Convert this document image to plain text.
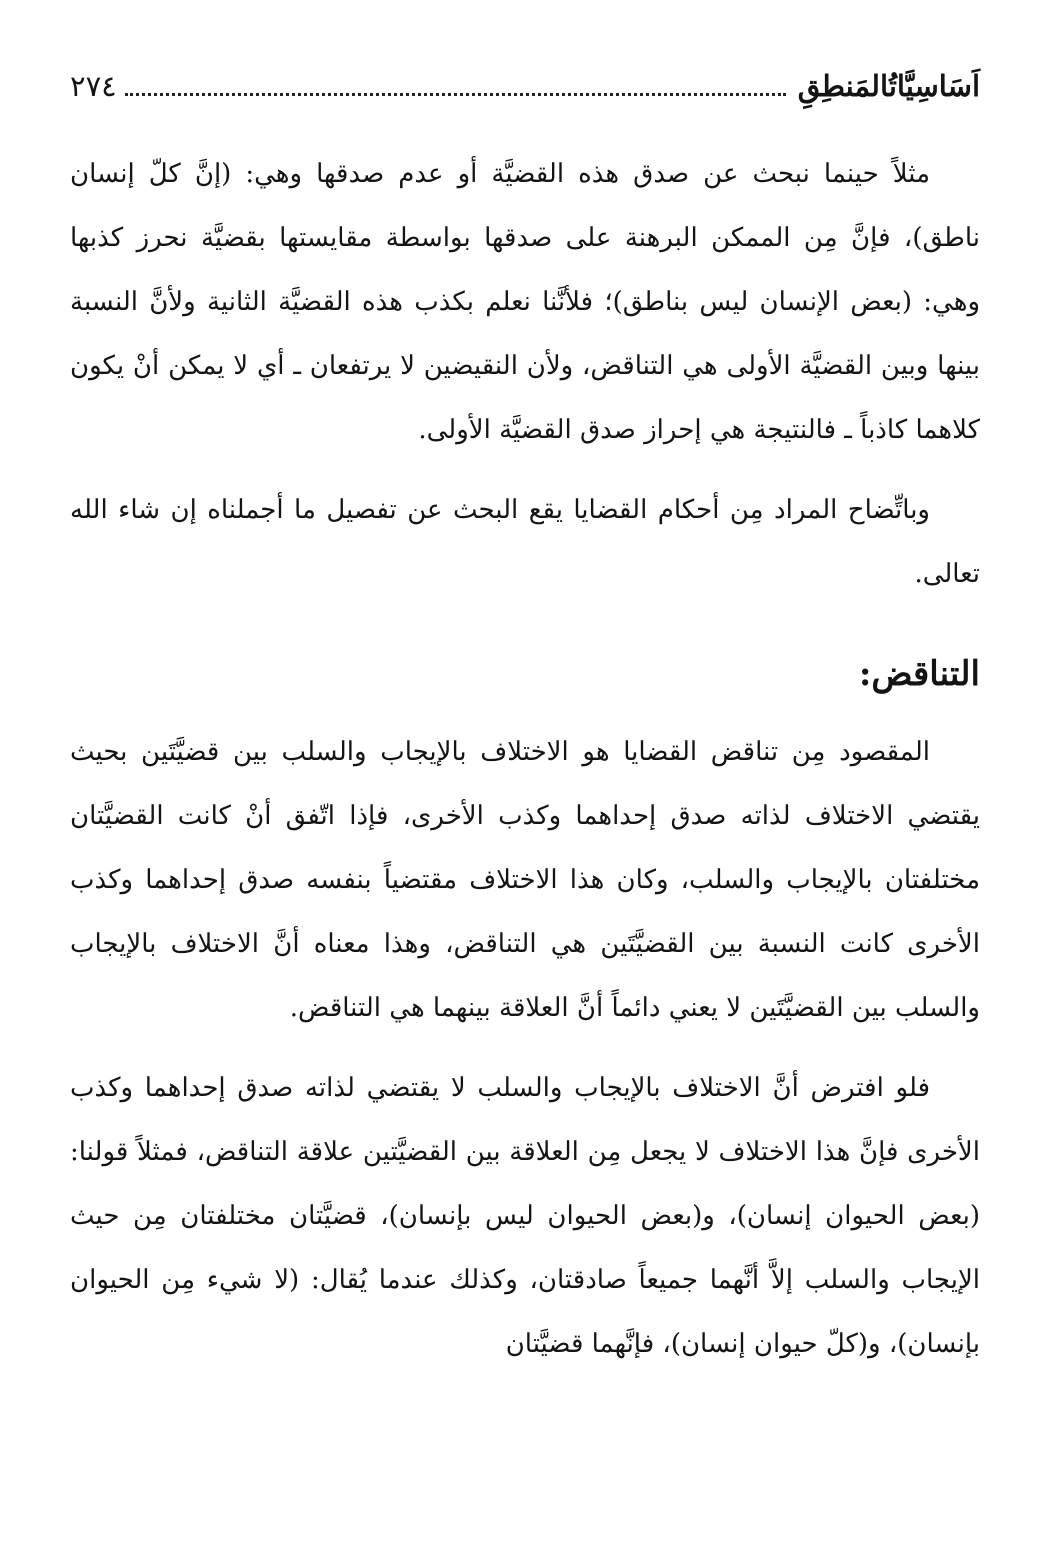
اَسَاسِيَّاتُالمَنطِقِ
٢٧٤

مثلاً حينما نبحث عن صدق هذه القضيَّة أو عدم صدقها وهي: (إنَّ كلّ إنسان ناطق)، فإنَّ مِن الممكن البرهنة على صدقها بواسطة مقايستها بقضيَّة نحرز كذبها وهي: (بعض الإنسان ليس بناطق)؛ فلأنَّنا نعلم بكذب هذه القضيَّة الثانية ولأنَّ النسبة بينها وبين القضيَّة الأولى هي التناقض، ولأن النقيضين لا يرتفعان ـ أي لا يمكن أنْ يكون كلاهما كاذباً ـ فالنتيجة هي إحراز صدق القضيَّة الأولى.

وباتِّضاح المراد مِن أحكام القضايا يقع البحث عن تفصيل ما أجملناه إن شاء الله تعالى.

التناقض:

المقصود مِن تناقض القضايا هو الاختلاف بالإيجاب والسلب بين قضيَّتَين بحيث يقتضي الاختلاف لذاته صدق إحداهما وكذب الأخرى، فإذا اتّفق أنْ كانت القضيَّتان مختلفتان بالإيجاب والسلب، وكان هذا الاختلاف مقتضياً بنفسه صدق إحداهما وكذب الأخرى كانت النسبة بين القضيَّتَين هي التناقض، وهذا معناه أنَّ الاختلاف بالإيجاب والسلب بين القضيَّتَين لا يعني دائماً أنَّ العلاقة بينهما هي التناقض.

فلو افترض أنَّ الاختلاف بالإيجاب والسلب لا يقتضي لذاته صدق إحداهما وكذب الأخرى فإنَّ هذا الاختلاف لا يجعل مِن العلاقة بين القضيَّتين علاقة التناقض، فمثلاً قولنا: (بعض الحيوان إنسان)، و(بعض الحيوان ليس بإنسان)، قضيَّتان مختلفتان مِن حيث الإيجاب والسلب إلاَّ أنَّهما جميعاً صادقتان، وكذلك عندما يُقال: (لا شيء مِن الحيوان بإنسان)، و(كلّ حيوان إنسان)، فإنَّهما قضيَّتان
